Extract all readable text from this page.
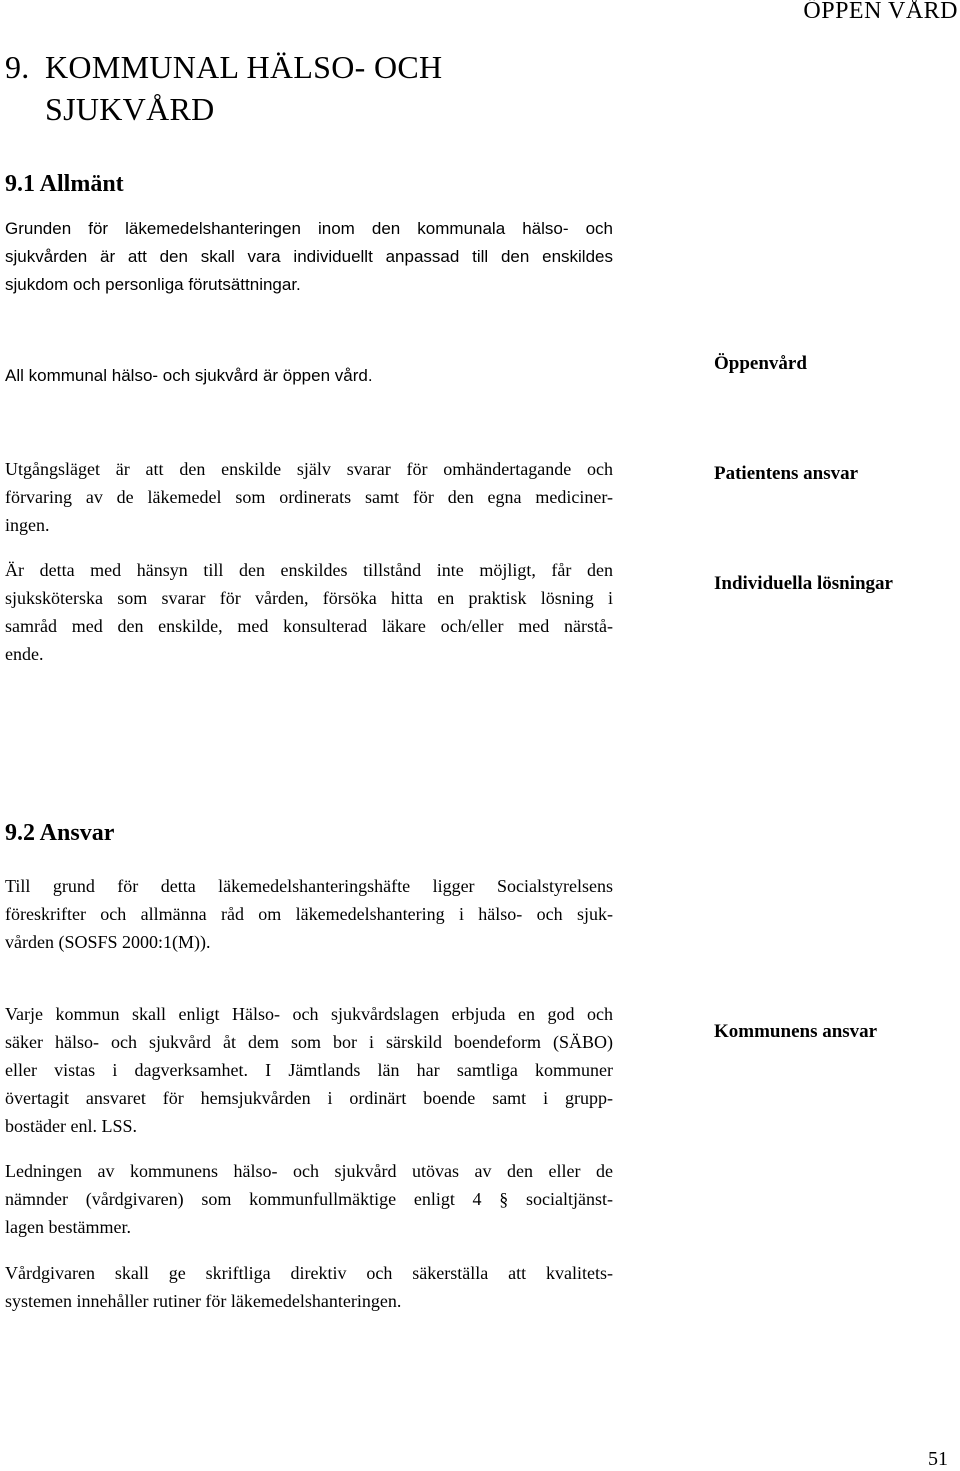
ÖPPEN VÅRD
9. KOMMUNAL HÄLSO- OCH
SJUKVÅRD
9.1 Allmänt
Grunden för läkemedelshanteringen inom den kommunala hälso- och
sjukvården är att den skall vara individuellt anpassad till den enskildes
sjukdom och personliga förutsättningar.
All kommunal hälso- och sjukvård är öppen vård.
Utgångsläget är att den enskilde själv svarar för omhändertagande och
förvaring av de läkemedel som ordinerats samt för den egna mediciner-
ingen.
Är detta med hänsyn till den enskildes tillstånd inte möjligt, får den
sjuksköterska som svarar för vården, försöka hitta en praktisk lösning i
samråd med den enskilde, med konsulterad läkare och/eller med närstå-
ende.
9.2 Ansvar
Till grund för detta läkemedelshanteringshäfte ligger Socialstyrelsens
föreskrifter och allmänna råd om läkemedelshantering i hälso- och sjuk-
vården (SOSFS 2000:1(M)).
Varje kommun skall enligt Hälso- och sjukvårdslagen erbjuda en god och
säker hälso- och sjukvård åt dem som bor i särskild boendeform (SÄBO)
eller vistas i dagverksamhet. I Jämtlands län har samtliga kommuner
övertagit ansvaret för hemsjukvården i ordinärt boende samt i grupp-
bostäder enl. LSS.
Ledningen av kommunens hälso- och sjukvård utövas av den eller de
nämnder (vårdgivaren) som kommunfullmäktige enligt 4 § socialtjänst-
lagen bestämmer.
Vårdgivaren skall ge skriftliga direktiv och säkerställa att kvalitets-
systemen innehåller rutiner för läkemedelshanteringen.
Öppenvård
Patientens ansvar
Individuella lösningar
Kommunens ansvar
51
